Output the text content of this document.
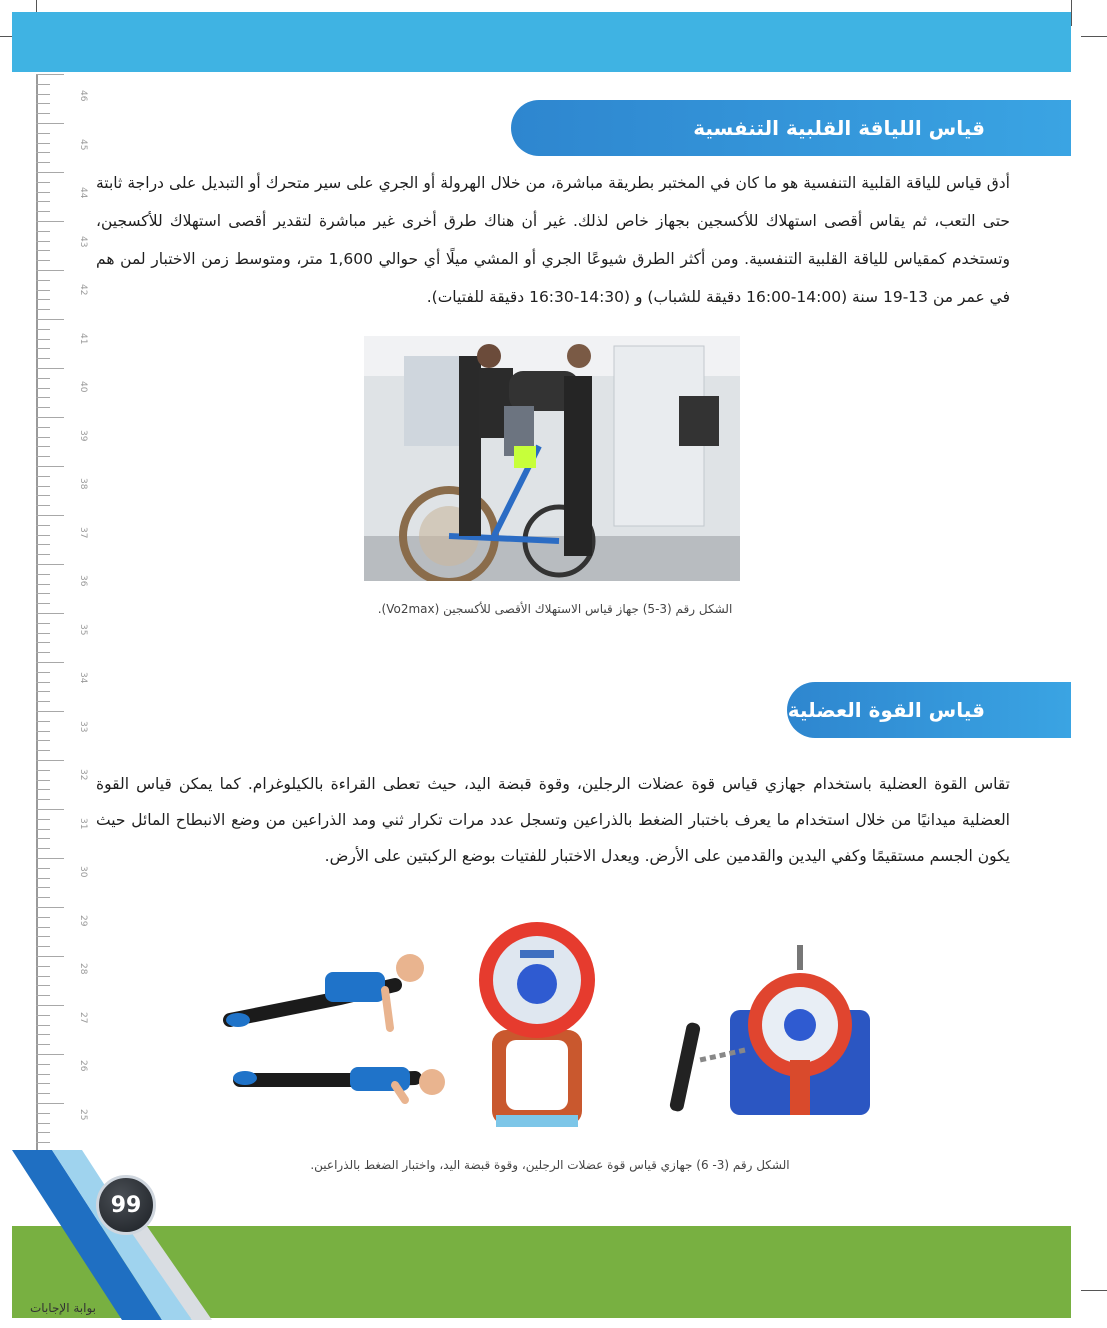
46
45
44
43
42
41
40
39
38
37
36
35
34
33
32
31
30
29
28
27
26
25
قياس اللياقة القلبية التنفسية
أدق قياس للياقة القلبية التنفسية هو ما كان في المختبر بطريقة مباشرة، من خلال الهرولة أو الجري على سير متحرك أو التبديل على دراجة ثابتة حتى التعب، ثم يقاس أقصى استهلاك للأكسجين بجهاز خاص لذلك. غير أن هناك طرق أخرى غير مباشرة لتقدير أقصى استهلاك للأكسجين، وتستخدم كمقياس للياقة القلبية التنفسية. ومن أكثر الطرق شيوعًا الجري أو المشي ميلًا أي حوالي 1,600 متر، ومتوسط زمن الاختبار لمن هم في عمر من 13-19 سنة (14:00-16:00 دقيقة للشباب) و (14:30-16:30 دقيقة للفتيات).
الشكل رقم (3-5) جهاز قياس الاستهلاك الأقصى للأكسجين (Vo2max).
قياس القوة العضلية
تقاس القوة العضلية باستخدام جهازي قياس قوة عضلات الرجلين، وقوة قبضة اليد، حيث تعطى القراءة بالكيلوغرام. كما يمكن قياس القوة العضلية ميدانيًا من خلال استخدام ما يعرف باختبار الضغط بالذراعين وتسجل عدد مرات تكرار ثني ومد الذراعين من وضع الانبطاح المائل حيث يكون الجسم مستقيمًا وكفي اليدين والقدمين على الأرض. ويعدل الاختبار للفتيات بوضع الركبتين على الأرض.
الشكل رقم (3- 6) جهازي قياس قوة عضلات الرجلين، وقوة قبضة اليد، واختبار الضغط بالذراعين.
99
بوابة الإجابات
